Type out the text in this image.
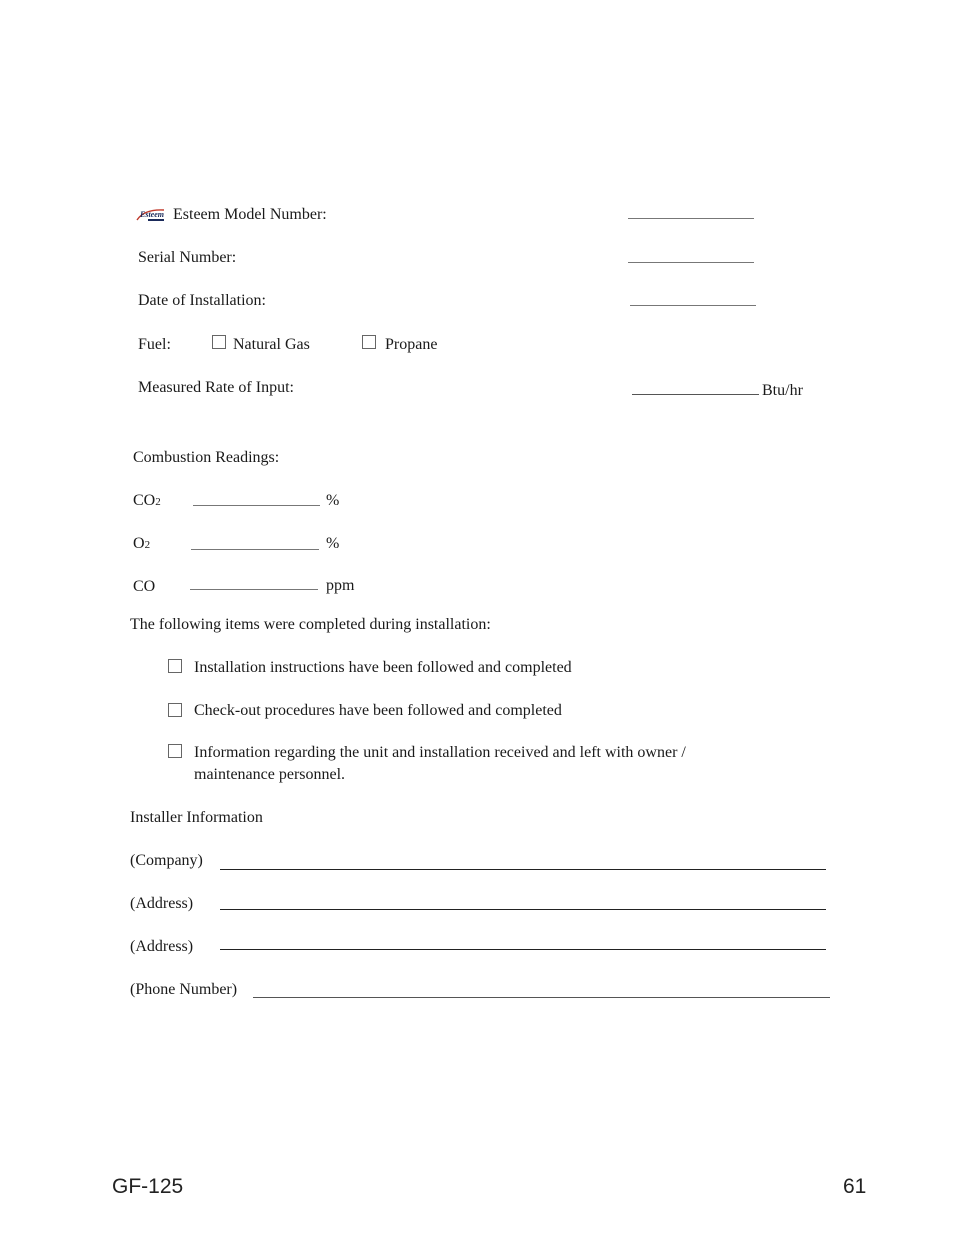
Esteem Esteem Model Number:
Serial Number:
Date of Installation:
Fuel:	Natural Gas	Propane
Measured Rate of Input:	Btu/hr
Combustion Readings:
CO2	%
O2	%
CO	ppm
The following items were completed during installation:
Installation instructions have been followed and completed
Check-out procedures have been followed and completed
Information regarding the unit and installation received and left with owner /
maintenance personnel.
Installer Information
(Company)
(Address)
(Address)
(Phone Number)
GF-125	61
